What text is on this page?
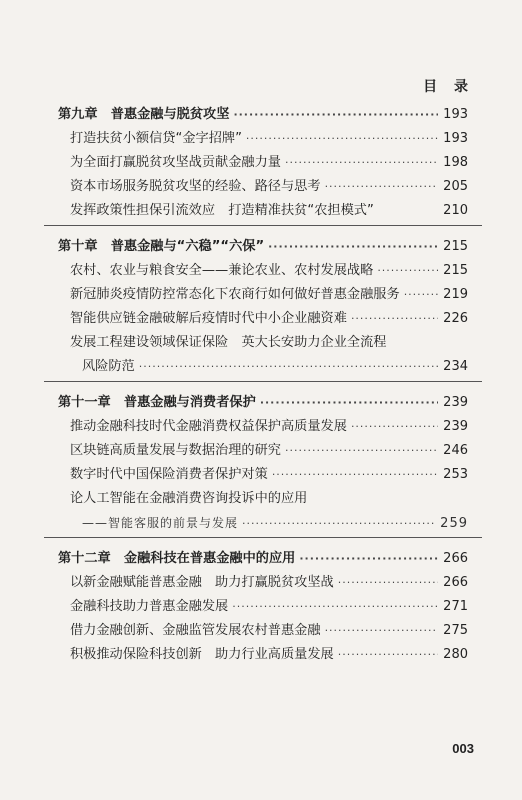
目 录
第九章　普惠金融与脱贫攻坚 ·····	193
打造扶贫小额信贷“金字招牌” ·····	193
为全面打赢脱贫攻坚战贡献金融力量 ·····	198
资本市场服务脱贫攻坚的经验、路径与思考 ·····	205
发挥政策性担保引流效应　打造精准扶贫“农担模式”	210
第十章　普惠金融与“六稳”“六保” ·····	215
农村、农业与粮食安全——兼论农业、农村发展战略 ·····	215
新冠肺炎疫情防控常态化下农商行如何做好普惠金融服务 ·····	219
智能供应链金融破解后疫情时代中小企业融资难 ·····	226
发展工程建设领域保证保险　英大长安助力企业全流程
风险防范 ·····	234
第十一章　普惠金融与消费者保护 ·····	239
推动金融科技时代金融消费权益保护高质量发展 ·····	239
区块链高质量发展与数据治理的研究 ·····	246
数字时代中国保险消费者保护对策 ·····	253
论人工智能在金融消费咨询投诉中的应用
——智能客服的前景与发展 ·····	259
第十二章　金融科技在普惠金融中的应用 ·····	266
以新金融赋能普惠金融　助力打赢脱贫攻坚战 ·····	266
金融科技助力普惠金融发展 ·····	271
借力金融创新、金融监管发展农村普惠金融 ·····	275
积极推动保险科技创新　助力行业高质量发展 ·····	280
003
